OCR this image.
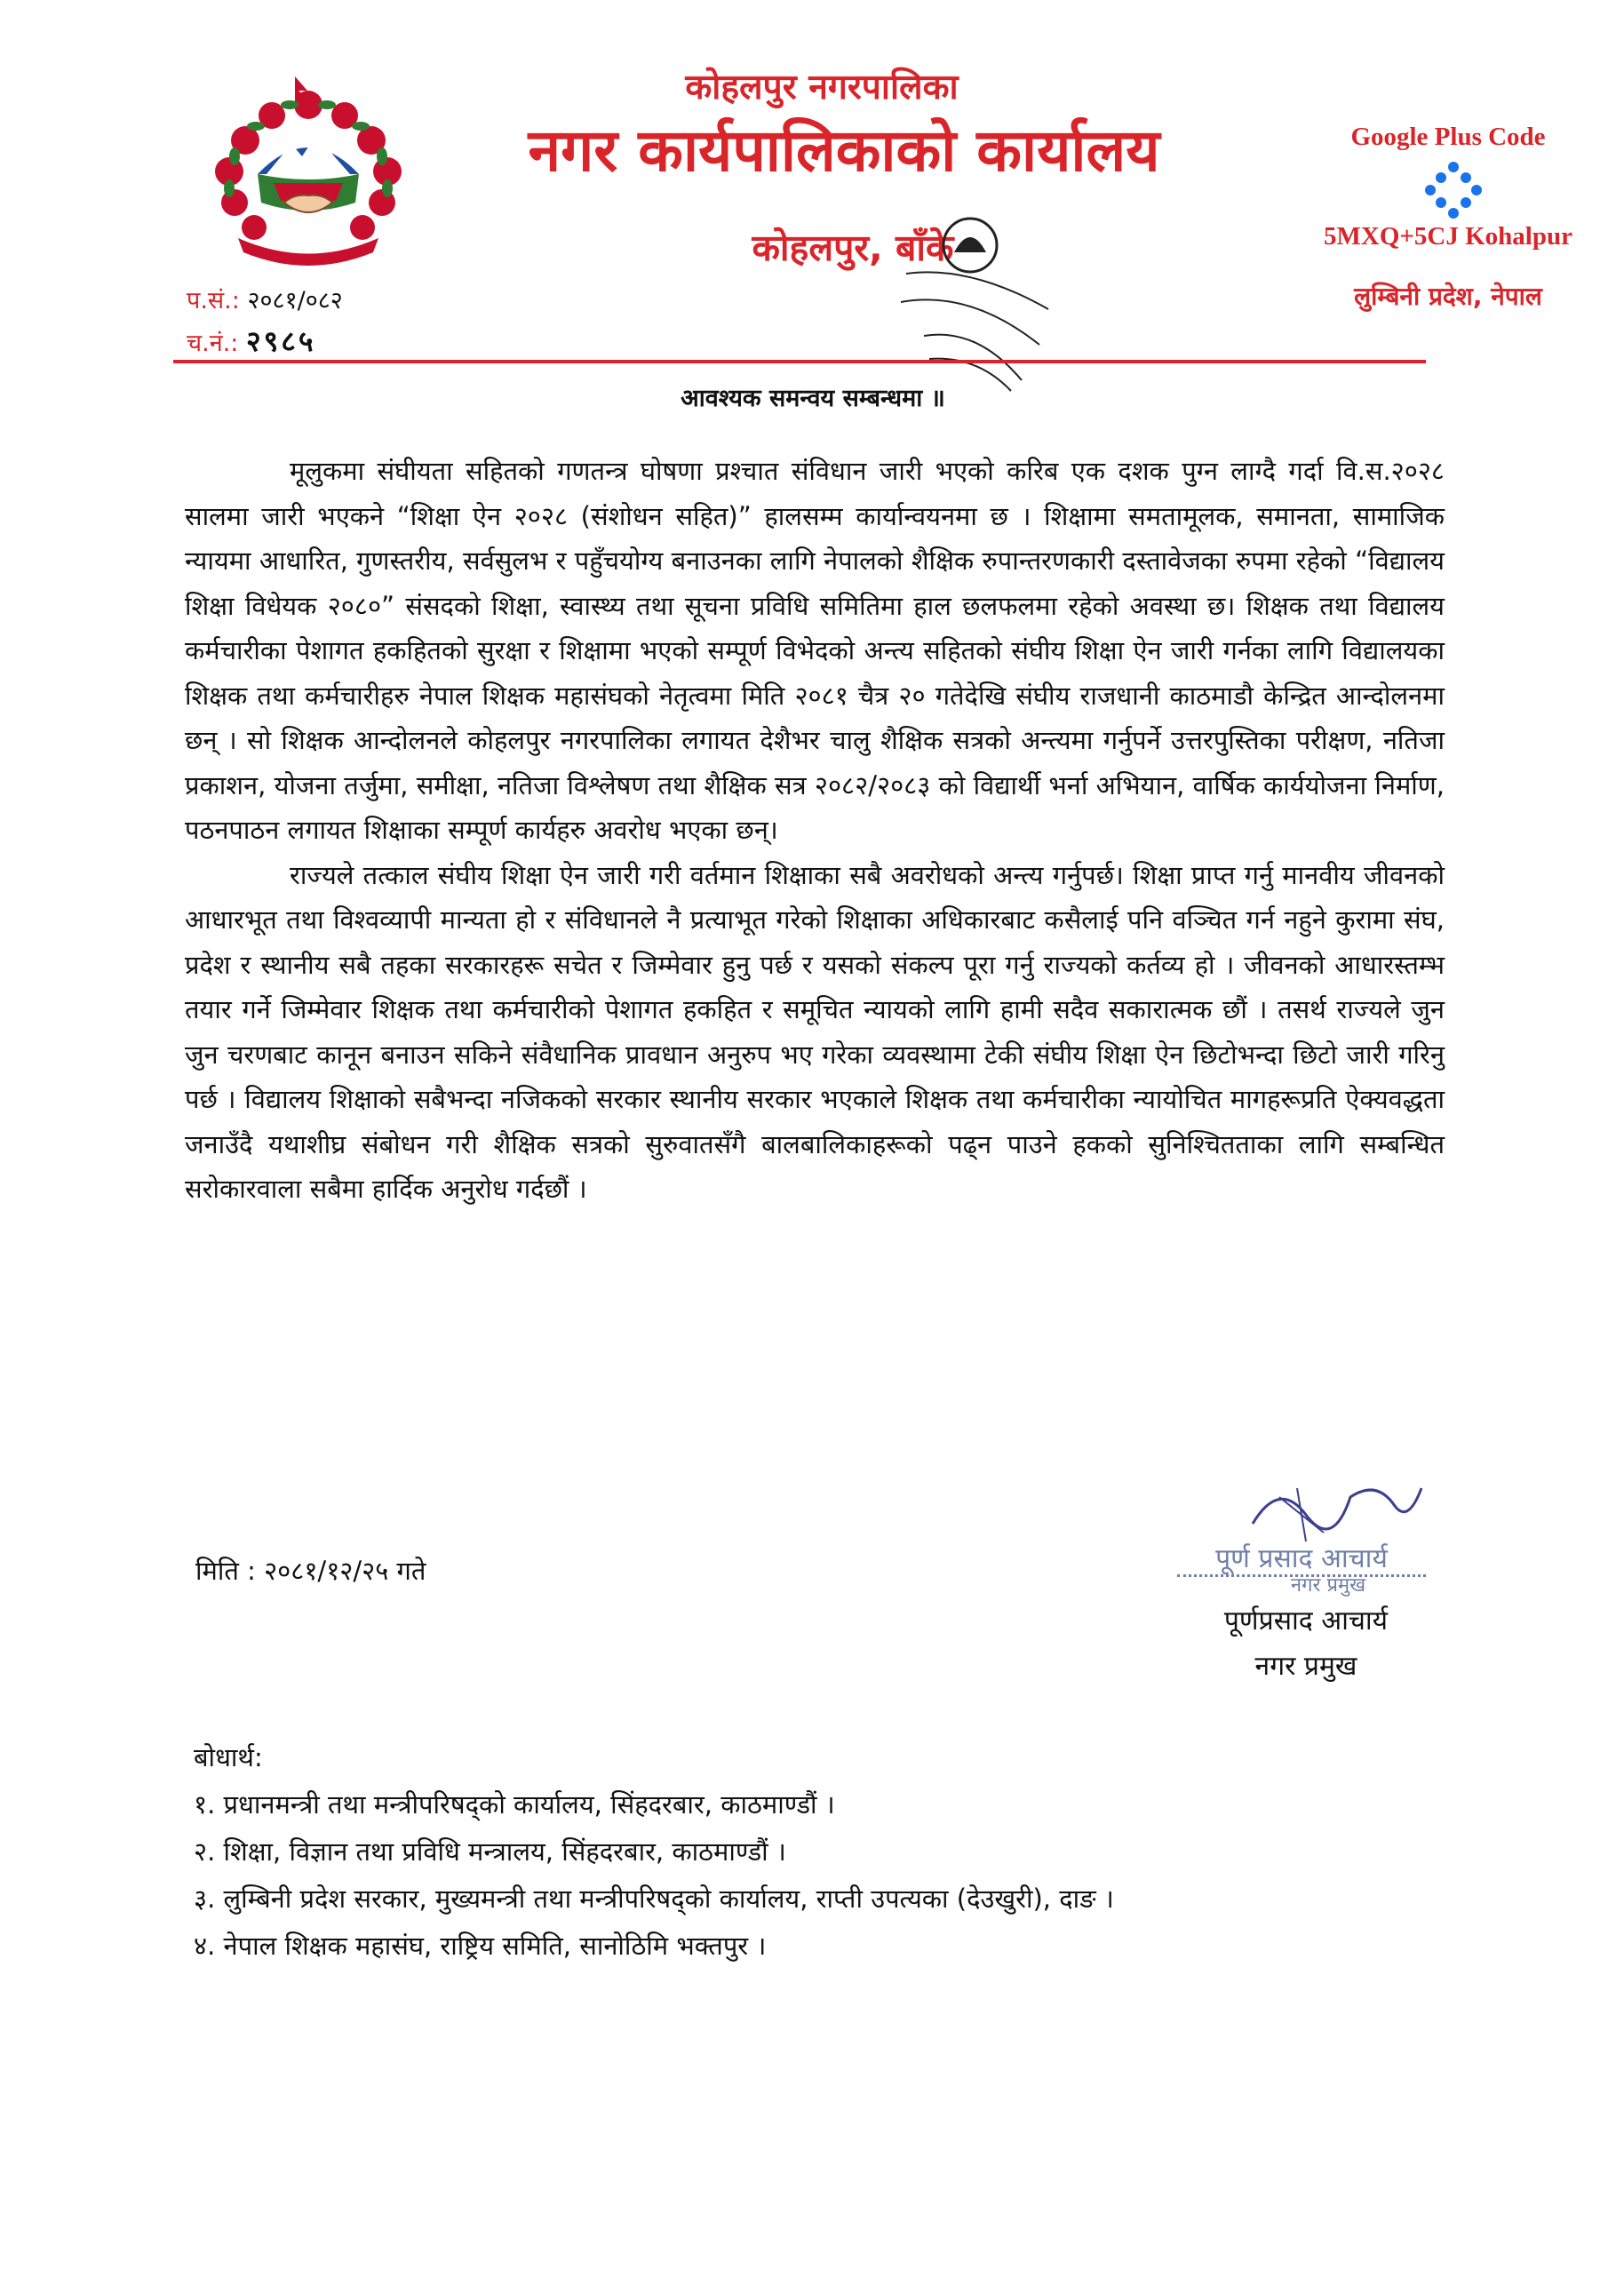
कोहलपुर नगरपालिका
नगर कार्यपालिकाको कार्यालय
कोहलपुर, बाँके
Google Plus Code
5MXQ+5CJ Kohalpur
लुम्बिनी प्रदेश, नेपाल
प.सं.: २०८१/०८२
च.नं.: २९८५
आवश्यक समन्वय सम्बन्धमा ॥

मूलुकमा संघीयता सहितको गणतन्त्र घोषणा प्रश्चात संविधान जारी भएको करिब एक दशक पुग्न लाग्दै गर्दा वि.स.२०२८ सालमा जारी भएकने “शिक्षा ऐन २०२८ (संशोधन सहित)” हालसम्म कार्यान्वयनमा छ । शिक्षामा समतामूलक, समानता, सामाजिक न्यायमा आधारित, गुणस्तरीय, सर्वसुलभ र पहुँचयोग्य बनाउनका लागि नेपालको शैक्षिक रुपान्तरणकारी दस्तावेजका रुपमा रहेको “विद्यालय शिक्षा विधेयक २०८०” संसदको शिक्षा, स्वास्थ्य तथा सूचना प्रविधि समितिमा हाल छलफलमा रहेको अवस्था छ। शिक्षक तथा विद्यालय कर्मचारीका पेशागत हकहितको सुरक्षा र शिक्षामा भएको सम्पूर्ण विभेदको अन्त्य सहितको संघीय शिक्षा ऐन जारी गर्नका लागि विद्यालयका शिक्षक तथा कर्मचारीहरु नेपाल शिक्षक महासंघको नेतृत्वमा मिति २०८१ चैत्र २० गतेदेखि संघीय राजधानी काठमाडौ केन्द्रित आन्दोलनमा छन् । सो शिक्षक आन्दोलनले कोहलपुर नगरपालिका लगायत देशैभर चालु शैक्षिक सत्रको अन्त्यमा गर्नुपर्ने उत्तरपुस्तिका परीक्षण, नतिजा प्रकाशन, योजना तर्जुमा, समीक्षा, नतिजा विश्लेषण तथा शैक्षिक सत्र २०८२/२०८३ को विद्यार्थी भर्ना अभियान, वार्षिक कार्ययोजना निर्माण, पठनपाठन लगायत शिक्षाका सम्पूर्ण कार्यहरु अवरोध भएका छन्।

राज्यले तत्काल संघीय शिक्षा ऐन जारी गरी वर्तमान शिक्षाका सबै अवरोधको अन्त्य गर्नुपर्छ। शिक्षा प्राप्त गर्नु मानवीय जीवनको आधारभूत तथा विश्वव्यापी मान्यता हो र संविधानले नै प्रत्याभूत गरेको शिक्षाका अधिकारबाट कसैलाई पनि वञ्चित गर्न नहुने कुरामा संघ, प्रदेश र स्थानीय सबै तहका सरकारहरू सचेत र जिम्मेवार हुनु पर्छ र यसको संकल्प पूरा गर्नु राज्यको कर्तव्य हो । जीवनको आधारस्तम्भ तयार गर्ने जिम्मेवार शिक्षक तथा कर्मचारीको पेशागत हकहित र समूचित न्यायको लागि हामी सदैव सकारात्मक छौं । तसर्थ राज्यले जुन जुन चरणबाट कानून बनाउन सकिने संवैधानिक प्रावधान अनुरुप भए गरेका व्यवस्थामा टेकी संघीय शिक्षा ऐन छिटोभन्दा छिटो जारी गरिनु पर्छ । विद्यालय शिक्षाको सबैभन्दा नजिकको सरकार स्थानीय सरकार भएकाले शिक्षक तथा कर्मचारीका न्यायोचित मागहरूप्रति ऐक्यवद्धता जनाउँदै यथाशीघ्र संबोधन गरी शैक्षिक सत्रको सुरुवातसँगै बालबालिकाहरूको पढ्न पाउने हकको सुनिश्चितताका लागि सम्बन्धित सरोकारवाला सबैमा हार्दिक अनुरोध गर्दछौं ।

मिति : २०८१/१२/२५ गते	पूर्ण प्रसाद आचार्य
नगर प्रमुख
पूर्णप्रसाद आचार्य
नगर प्रमुख
बोधार्थ:
१. प्रधानमन्त्री तथा मन्त्रीपरिषद्को कार्यालय, सिंहदरबार, काठमाण्डौं ।
२. शिक्षा, विज्ञान तथा प्रविधि मन्त्रालय, सिंहदरबार, काठमाण्डौं ।
३. लुम्बिनी प्रदेश सरकार, मुख्यमन्त्री तथा मन्त्रीपरिषद्को कार्यालय, राप्ती उपत्यका (देउखुरी), दाङ ।
४. नेपाल शिक्षक महासंघ, राष्ट्रिय समिति, सानोठिमि भक्तपुर ।
